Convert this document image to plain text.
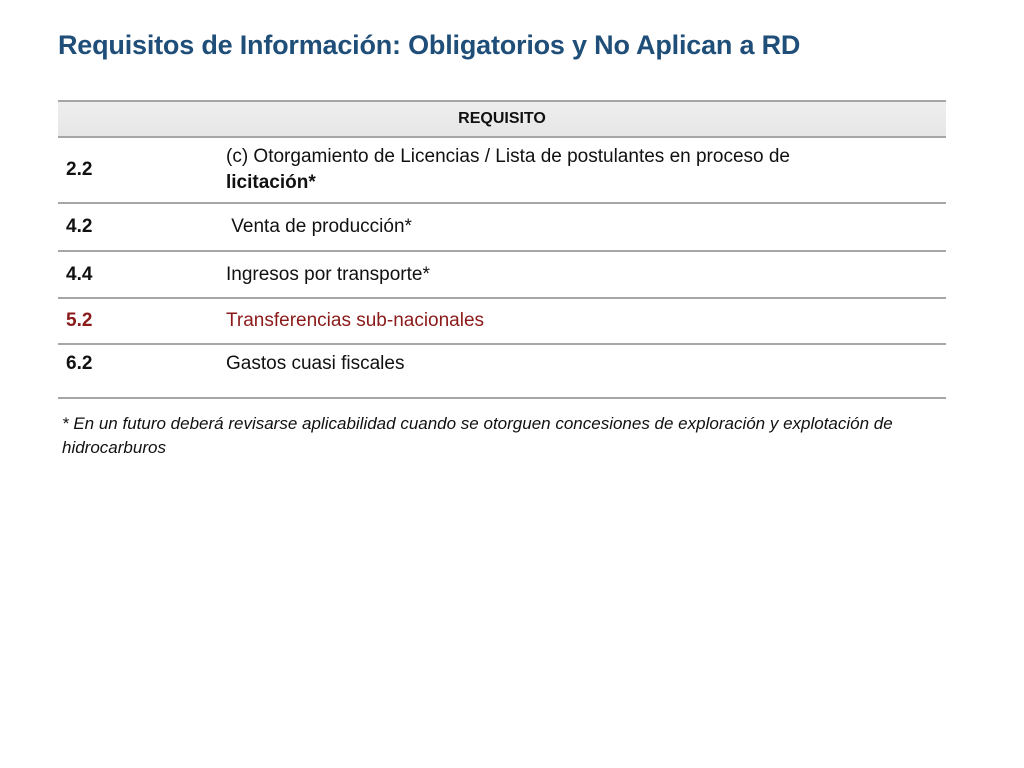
Requisitos de Información: Obligatorios y No Aplican a RD
REQUISITO	
2.2	(c) Otorgamiento de Licencias / Lista de postulantes en proceso de
licitación*
4.2	Venta de producción*
4.4	Ingresos por transporte*
5.2	Transferencias sub-nacionales
6.2	Gastos cuasi fiscales

* En un futuro deberá revisarse aplicabilidad cuando se otorguen concesiones de exploración y explotación de hidrocarburos
